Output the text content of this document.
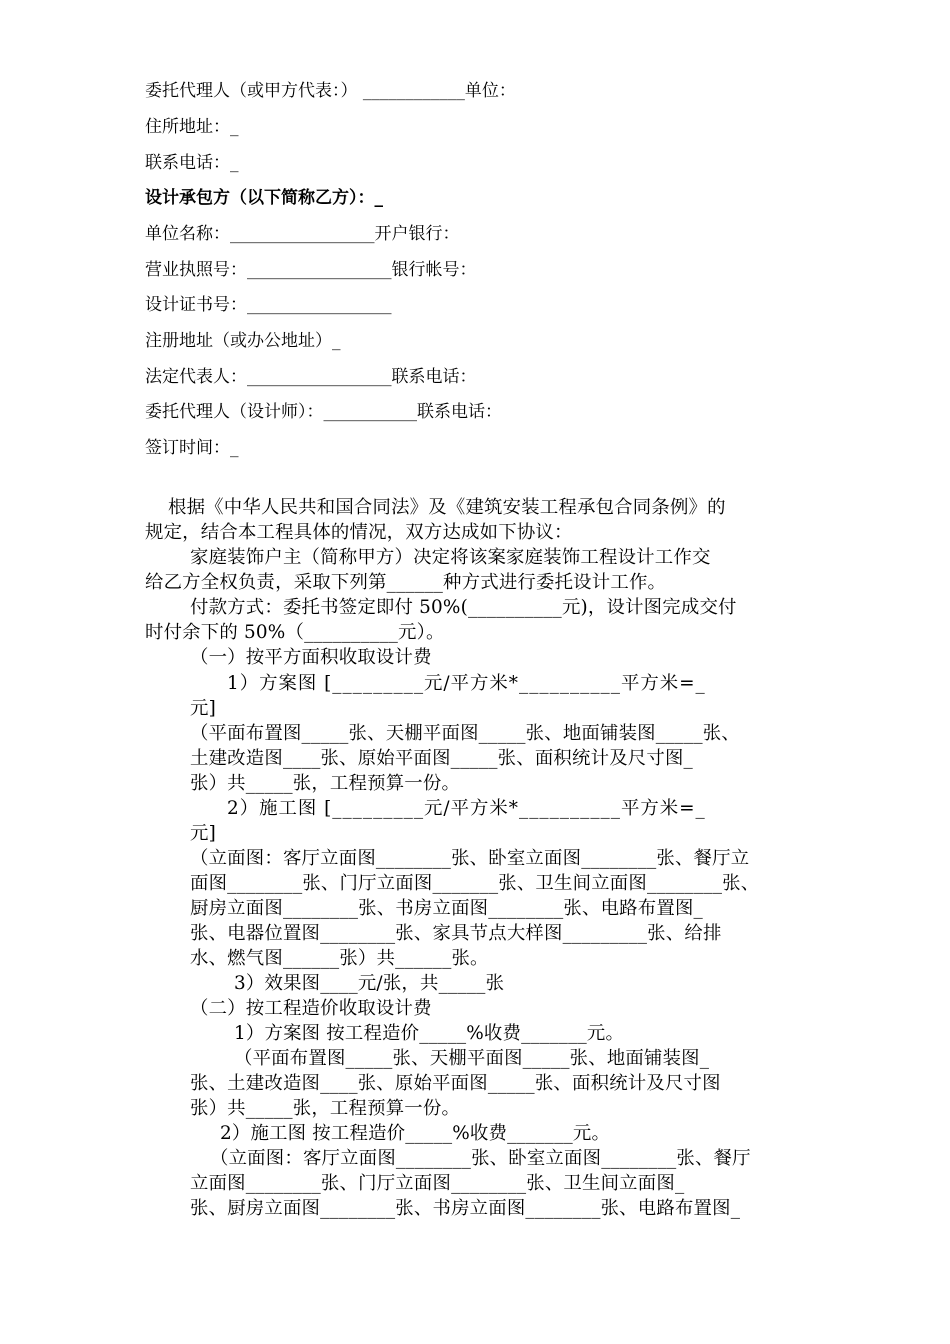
委托代理人（或甲方代表：） ____________单位：
住所地址：_
联系电话：_
设计承包方（以下简称乙方）：_
单位名称：_________________开户银行：
营业执照号：_________________银行帐号：
设计证书号：_________________
注册地址（或办公地址）_
法定代表人：_________________联系电话：
委托代理人（设计师）：___________联系电话：
签订时间：_
根据《中华人民共和国合同法》及《建筑安装工程承包合同条例》的
规定，结合本工程具体的情况，双方达成如下协议：
家庭装饰户主（简称甲方）决定将该案家庭装饰工程设计工作交
给乙方全权负责，采取下列第______种方式进行委托设计工作。
付款方式：委托书签定即付 50%(__________元)，设计图完成交付
时付余下的 50%（__________元）。
（一）按平方面积收取设计费
1）方案图 [_________元/平方米*__________平方米=_
元]
（平面布置图_____张、天棚平面图_____张、地面铺装图_____张、
土建改造图____张、原始平面图_____张、面积统计及尺寸图_
张）共_____张，工程预算一份。
2）施工图 [_________元/平方米*__________平方米=_
元]
（立面图：客厅立面图________张、卧室立面图________张、餐厅立
面图________张、门厅立面图_______张、卫生间立面图________张、
厨房立面图________张、书房立面图________张、电路布置图_
张、电器位置图________张、家具节点大样图_________张、给排
水、燃气图______张）共______张。
3）效果图____元/张，共_____张
（二）按工程造价收取设计费
1）方案图 按工程造价_____%收费_______元。
（平面布置图_____张、天棚平面图_____张、地面铺装图_
张、土建改造图____张、原始平面图_____张、面积统计及尺寸图
张）共_____张，工程预算一份。
2）施工图 按工程造价_____%收费_______元。
（立面图：客厅立面图________张、卧室立面图________张、餐厅
立面图________张、门厅立面图________张、卫生间立面图_
张、厨房立面图________张、书房立面图________张、电路布置图_
